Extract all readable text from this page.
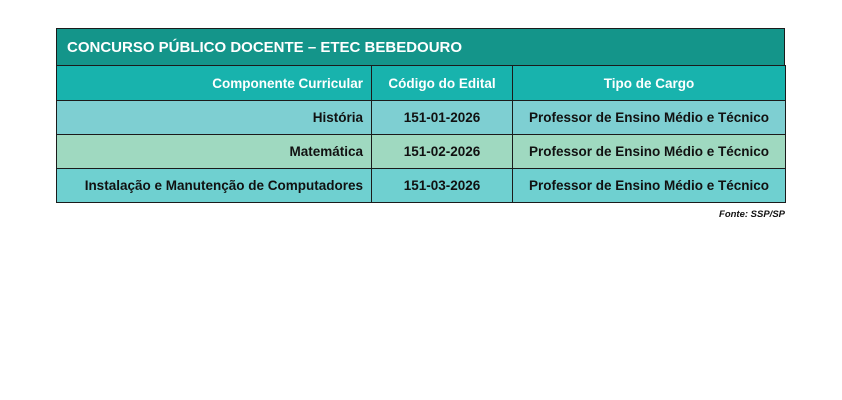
CONCURSO PÚBLICO DOCENTE – ETEC BEBEDOURO
Componente Curricular	Código do Edital	Tipo de Cargo
História	151-01-2026	Professor de Ensino Médio e Técnico
Matemática	151-02-2026	Professor de Ensino Médio e Técnico
Instalação e Manutenção de Computadores	151-03-2026	Professor de Ensino Médio e Técnico
Fonte: SSP/SP
